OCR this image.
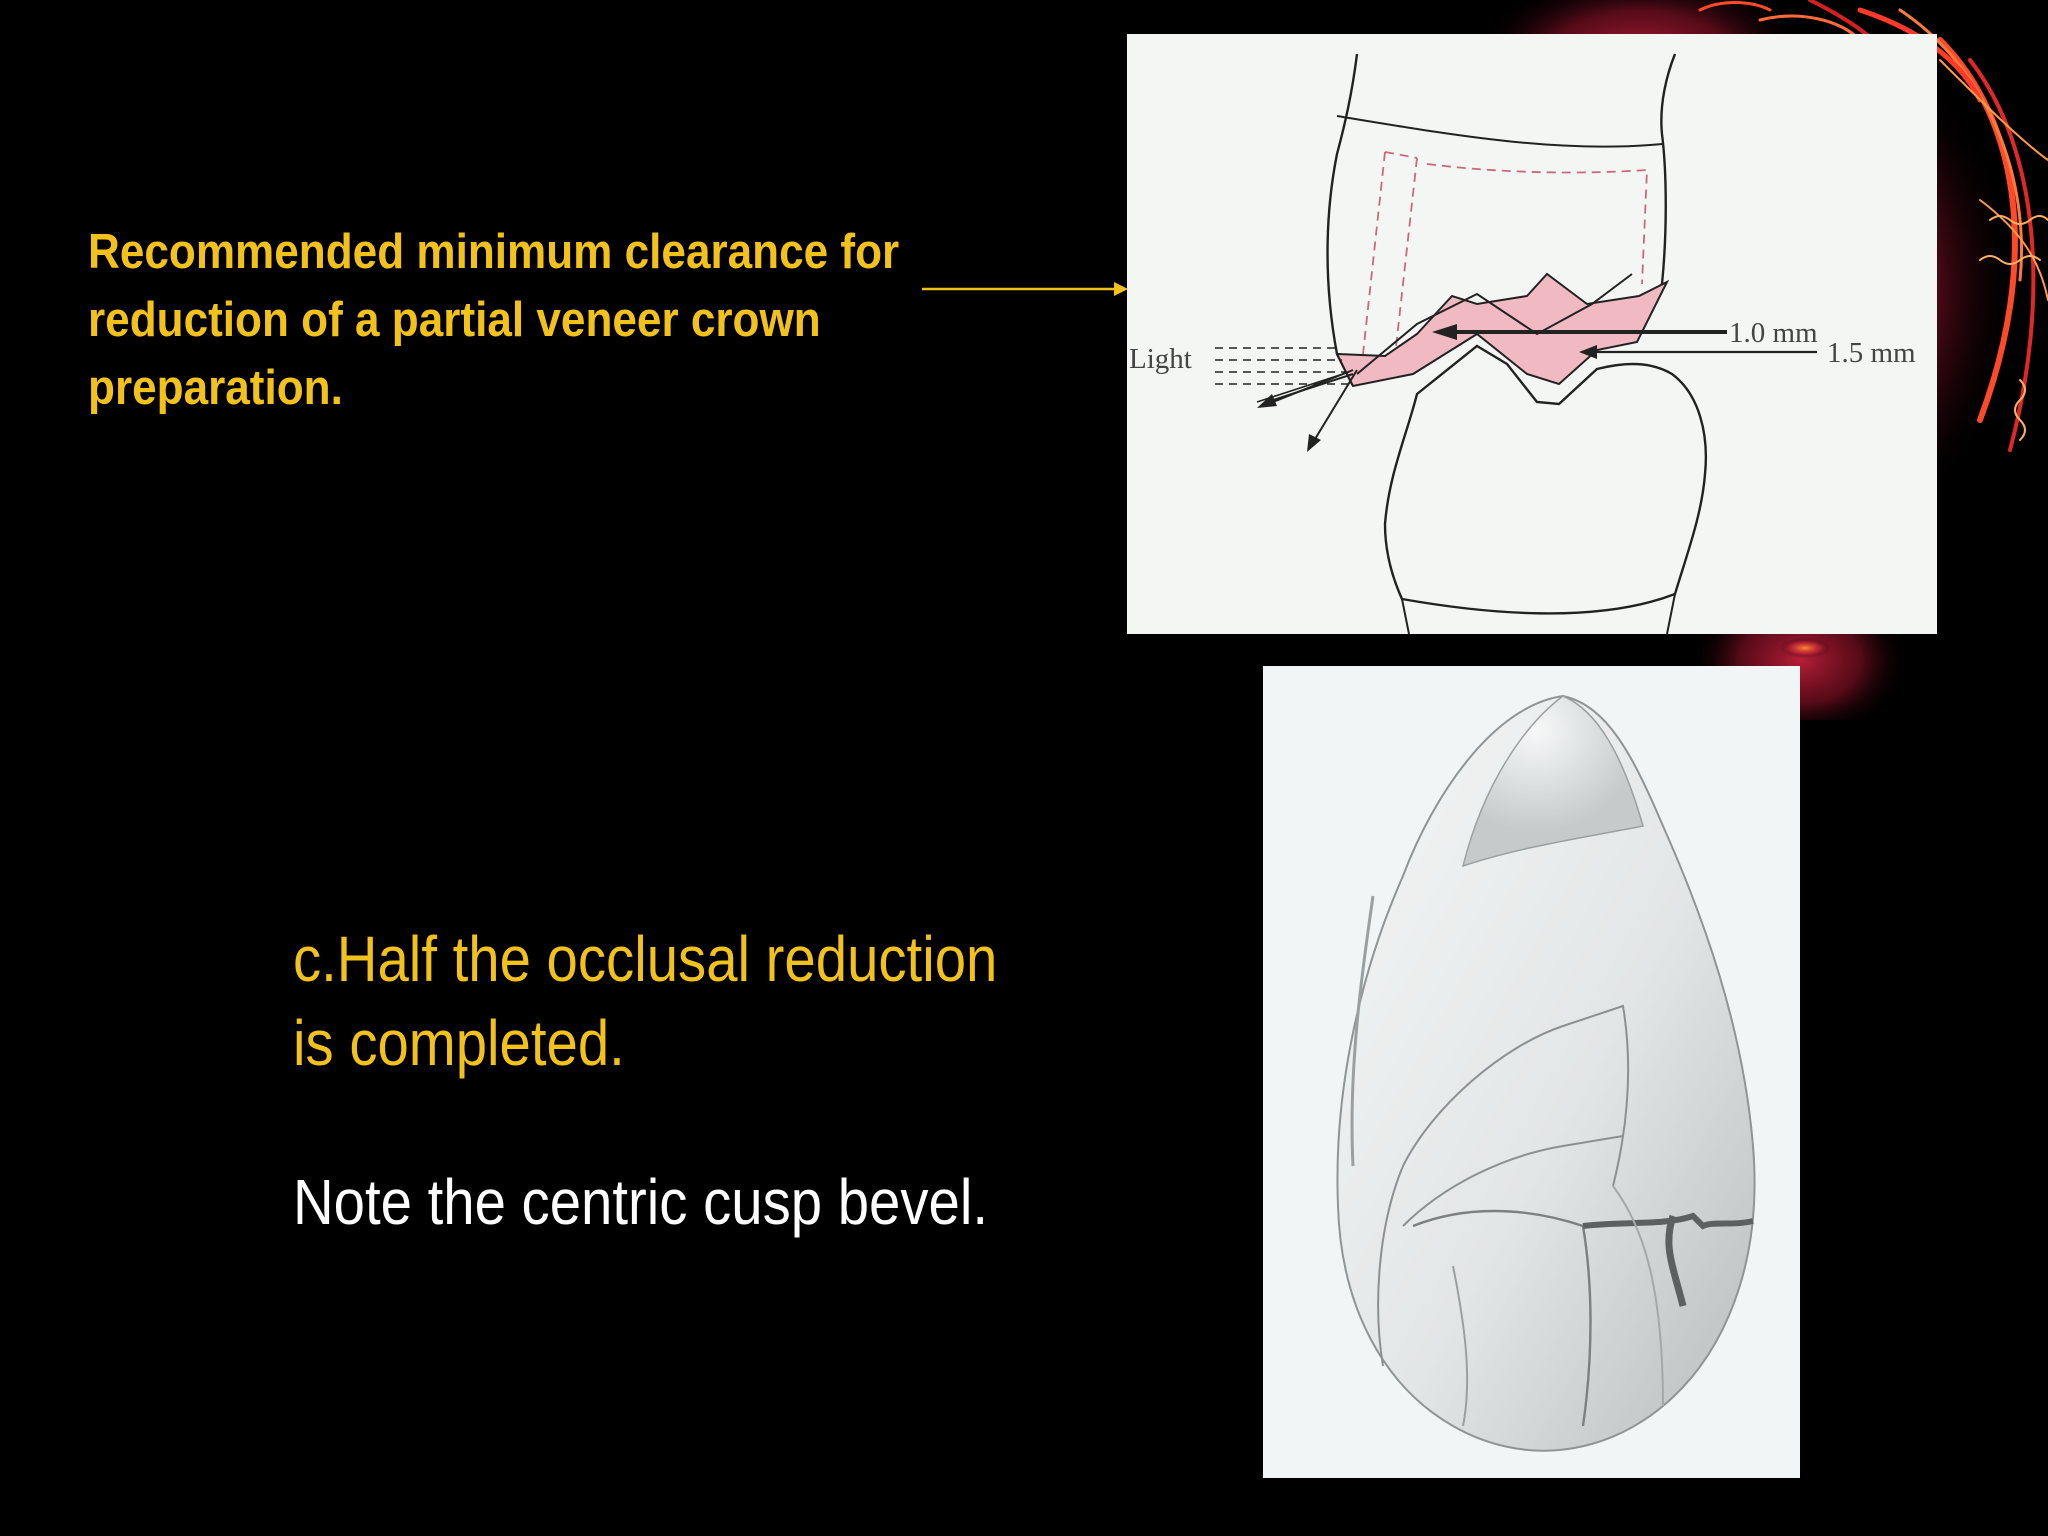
Recommended minimum clearance for
reduction of a partial veneer crown
preparation.
Light
1.0 mm
1.5 mm
c.Half the occlusal reduction
is completed.
Note the centric cusp bevel.
